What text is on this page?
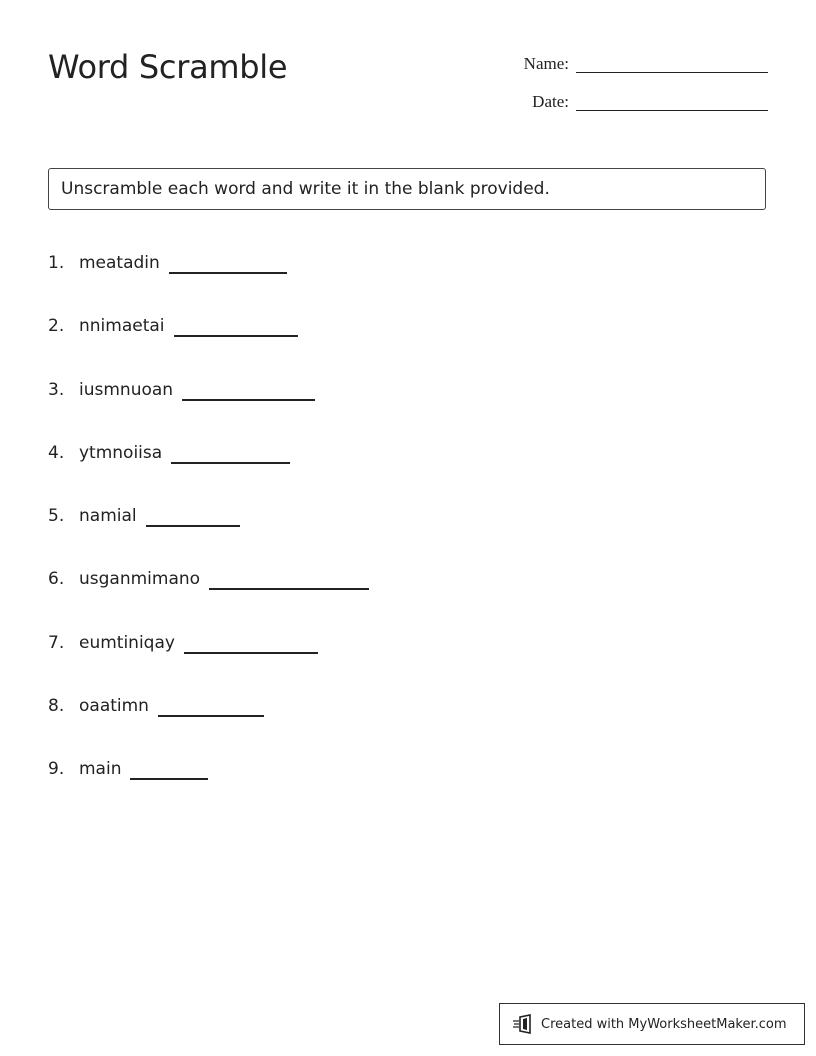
Word Scramble	Name:
Date:
Unscramble each word and write it in the blank provided.
1. meatadin
2. nnimaetai
3. iusmnuoan
4. ytmnoiisa
5. namial
6. usganmimano
7. eumtiniqay
8. oaatimn
9. main
Created with MyWorksheetMaker.com
